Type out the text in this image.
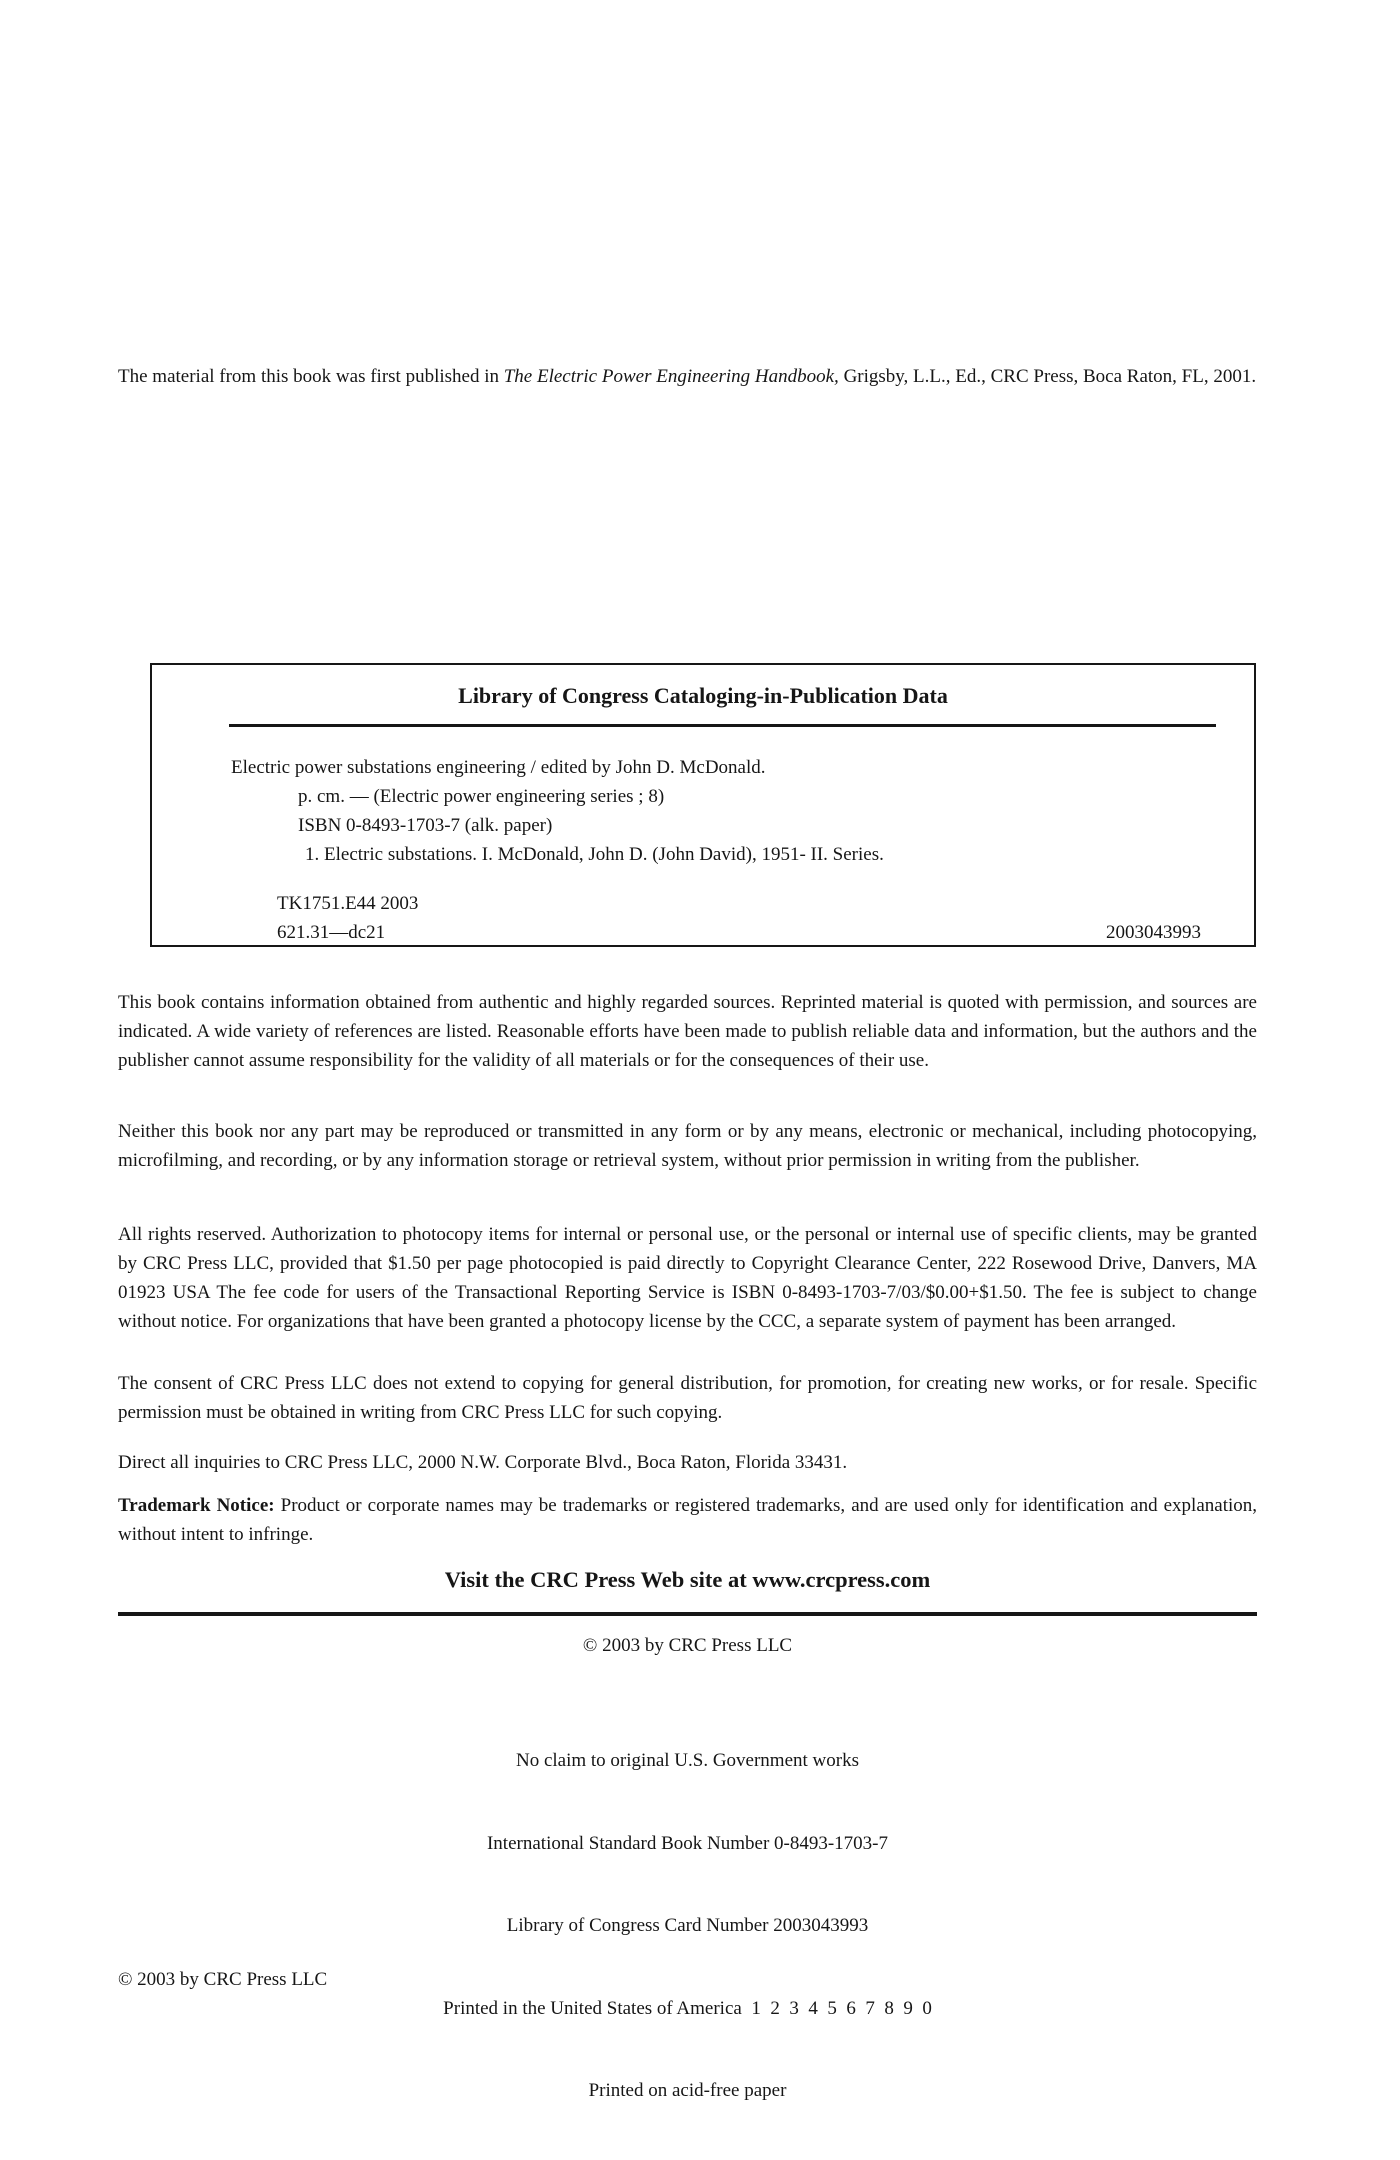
The material from this book was first published in The Electric Power Engineering Handbook, Grigsby, L.L., Ed., CRC Press, Boca Raton, FL, 2001.

Library of Congress Cataloging-in-Publication Data
Electric power substations engineering / edited by John D. McDonald.
p. cm. — (Electric power engineering series ; 8)
ISBN 0-8493-1703-7 (alk. paper)
1. Electric substations. I. McDonald, John D. (John David), 1951- II. Series.
TK1751.E44 2003
621.31—dc21	2003043993

This book contains information obtained from authentic and highly regarded sources. Reprinted material is quoted with permission, and sources are indicated. A wide variety of references are listed. Reasonable efforts have been made to publish reliable data and information, but the authors and the publisher cannot assume responsibility for the validity of all materials or for the consequences of their use.

Neither this book nor any part may be reproduced or transmitted in any form or by any means, electronic or mechanical, including photocopying, microfilming, and recording, or by any information storage or retrieval system, without prior permission in writing from the publisher.

All rights reserved. Authorization to photocopy items for internal or personal use, or the personal or internal use of specific clients, may be granted by CRC Press LLC, provided that $1.50 per page photocopied is paid directly to Copyright Clearance Center, 222 Rosewood Drive, Danvers, MA 01923 USA The fee code for users of the Transactional Reporting Service is ISBN 0-8493-1703-7/03/$0.00+$1.50. The fee is subject to change without notice. For organizations that have been granted a photocopy license by the CCC, a separate system of payment has been arranged.

The consent of CRC Press LLC does not extend to copying for general distribution, for promotion, for creating new works, or for resale. Specific permission must be obtained in writing from CRC Press LLC for such copying.

Direct all inquiries to CRC Press LLC, 2000 N.W. Corporate Blvd., Boca Raton, Florida 33431.

Trademark Notice: Product or corporate names may be trademarks or registered trademarks, and are used only for identification and explanation, without intent to infringe.

Visit the CRC Press Web site at www.crcpress.com
© 2003 by CRC Press LLC

No claim to original U.S. Government works

International Standard Book Number 0-8493-1703-7

Library of Congress Card Number 2003043993

Printed in the United States of America  1  2  3  4  5  6  7  8  9  0

Printed on acid-free paper

© 2003 by CRC Press LLC
